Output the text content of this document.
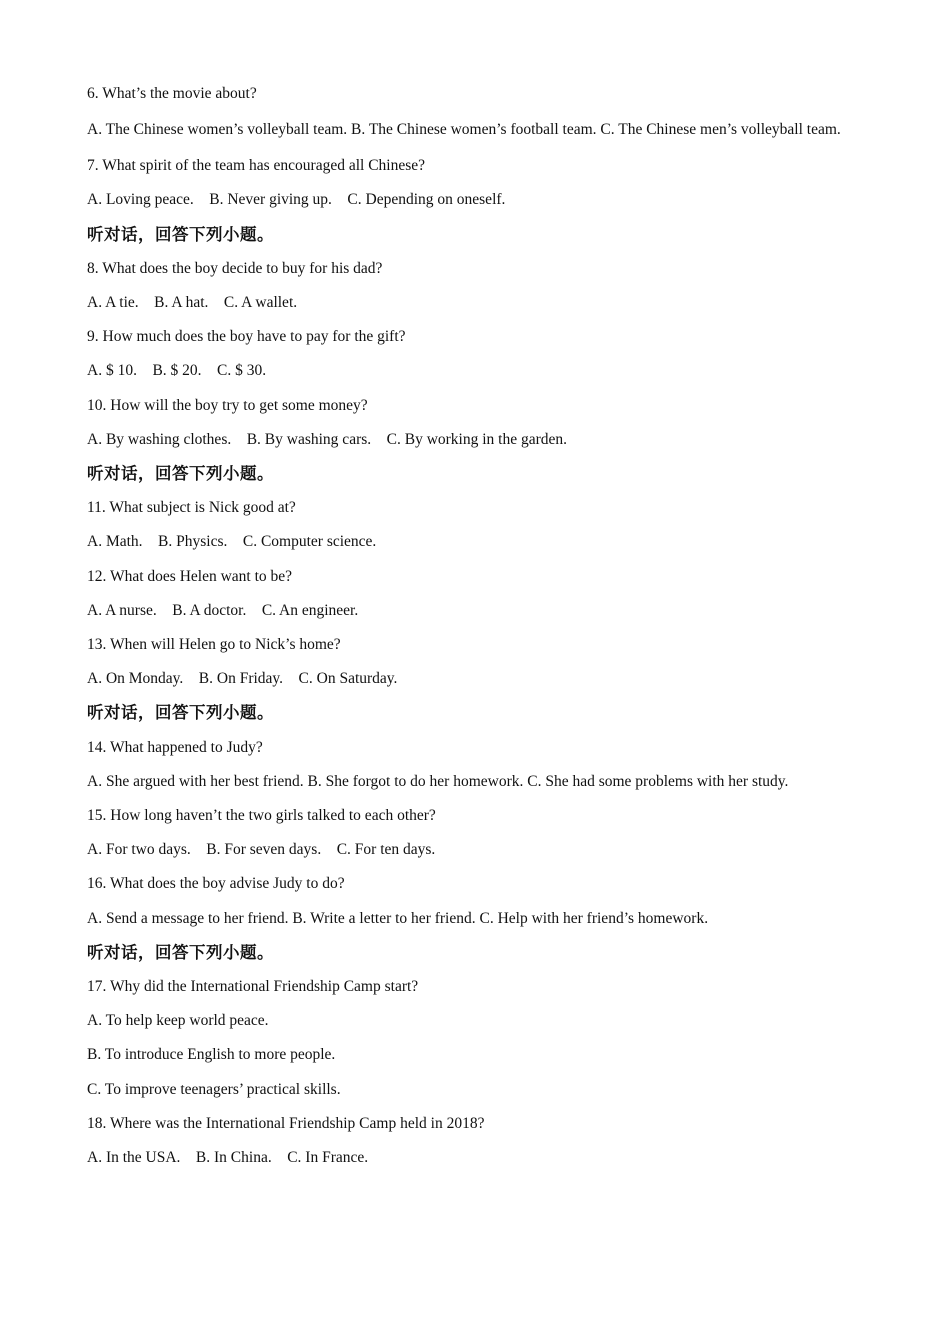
6. What’s the movie about?
A. The Chinese women’s volleyball team. B. The Chinese women’s football team. C. The Chinese men’s volleyball team.
7. What spirit of the team has encouraged all Chinese?
A. Loving peace.    B. Never giving up.    C. Depending on oneself.
听对话，回答下列小题。
8. What does the boy decide to buy for his dad?
A. A tie.    B. A hat.    C. A wallet.
9. How much does the boy have to pay for the gift?
A. $ 10.    B. $ 20.    C. $ 30.
10. How will the boy try to get some money?
A. By washing clothes.    B. By washing cars.    C. By working in the garden.
听对话，回答下列小题。
11. What subject is Nick good at?
A. Math.    B. Physics.    C. Computer science.
12. What does Helen want to be?
A. A nurse.    B. A doctor.    C. An engineer.
13. When will Helen go to Nick’s home?
A. On Monday.    B. On Friday.    C. On Saturday.
听对话，回答下列小题。
14. What happened to Judy?
A. She argued with her best friend. B. She forgot to do her homework. C. She had some problems with her study.
15. How long haven’t the two girls talked to each other?
A. For two days.    B. For seven days.    C. For ten days.
16. What does the boy advise Judy to do?
A. Send a message to her friend. B. Write a letter to her friend. C. Help with her friend’s homework.
听对话，回答下列小题。
17. Why did the International Friendship Camp start?
A. To help keep world peace.
B. To introduce English to more people.
C. To improve teenagers’ practical skills.
18. Where was the International Friendship Camp held in 2018?
A. In the USA.    B. In China.    C. In France.
